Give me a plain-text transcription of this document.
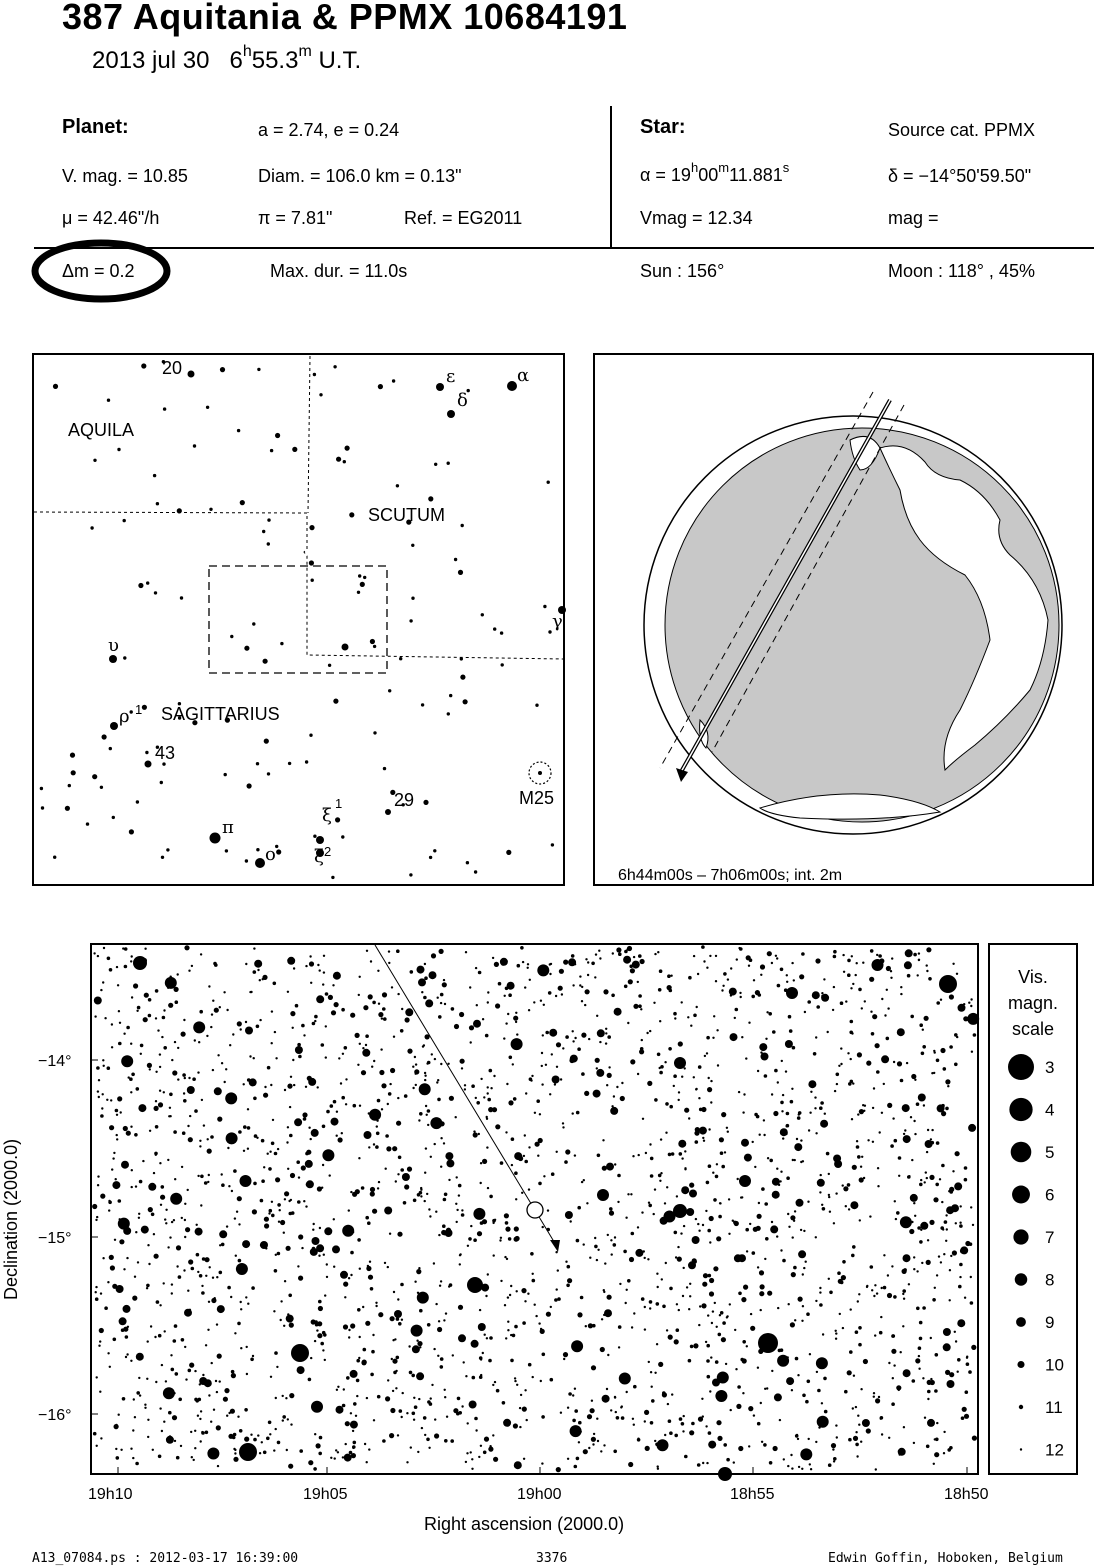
387 Aquitania & PPMX 10684191
2013 jul 30 6$^h$55.3$^m$ U.T.
Planet:	a = 2.74, e = 0.24
V. mag. = 10.85	Diam. = 106.0 km = 0.13"
μ = 42.46"/h	π = 7.81"	Ref. = EG2011
Star:	Source cat. PPMX
$\alpha = 19^h00^m11.881^s$	δ = −14°50'59.50"
Vmag = 12.34	mag =
Δm = 0.2	Max. dur. = 11.0s	Sun : 156°	Moon : 118° , 45%
AQUILA
SCUTUM
SAGITTARIUS
20	ε	α
δ
γ
υ
ρ 1
43
π
o
ξ
1
ξ 2
29	M25
6h44m00s – 7h06m00s; int. 2m
−14°
−15°
−16°
19h10	19h05	19h00	18h55	18h50
Right ascension (2000.0)
Declination (2000.0)
Vis.
magn.
scale
3
4
5
6
7
8
9
10
11
12
A13_07084.ps : 2012-03-17 16:39:00	3376	Edwin Goffin, Hoboken, Belgium
